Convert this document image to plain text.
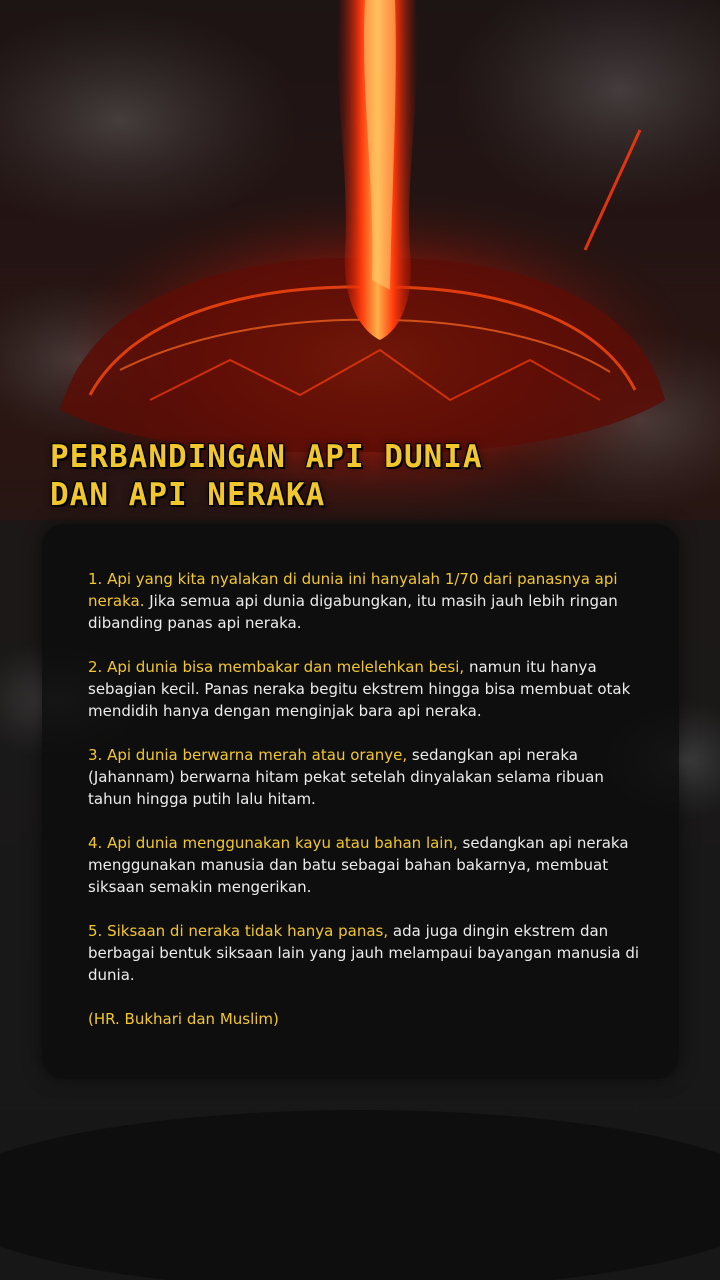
PERBANDINGAN API DUNIA
DAN API NERAKA

1. Api yang kita nyalakan di dunia ini hanyalah 1/70 dari panasnya api neraka. Jika semua api dunia digabungkan, itu masih jauh lebih ringan dibanding panas api neraka.

2. Api dunia bisa membakar dan melelehkan besi, namun itu hanya sebagian kecil. Panas neraka begitu ekstrem hingga bisa membuat otak mendidih hanya dengan menginjak bara api neraka.

3. Api dunia berwarna merah atau oranye, sedangkan api neraka (Jahannam) berwarna hitam pekat setelah dinyalakan selama ribuan tahun hingga putih lalu hitam.

4. Api dunia menggunakan kayu atau bahan lain, sedangkan api neraka menggunakan manusia dan batu sebagai bahan bakarnya, membuat siksaan semakin mengerikan.

5. Siksaan di neraka tidak hanya panas, ada juga dingin ekstrem dan berbagai bentuk siksaan lain yang jauh melampaui bayangan manusia di dunia.

(HR. Bukhari dan Muslim)
